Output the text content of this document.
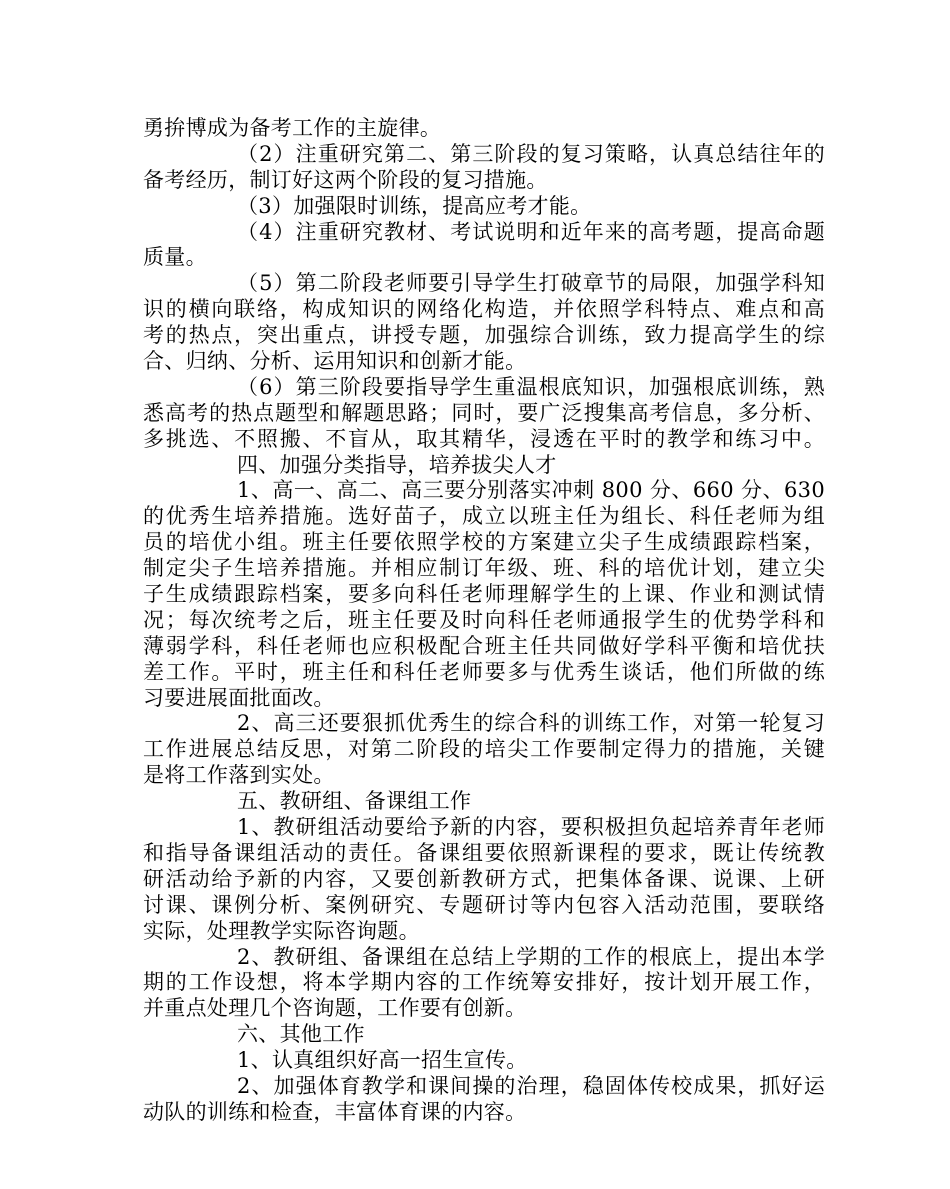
勇拚博成为备考工作的主旋律。
（2）注重研究第二、第三阶段的复习策略，认真总结往年的
备考经历，制订好这两个阶段的复习措施。
（3）加强限时训练，提高应考才能。
（4）注重研究教材、考试说明和近年来的高考题，提高命题
质量。
（5）第二阶段老师要引导学生打破章节的局限，加强学科知
识的横向联络，构成知识的网络化构造，并依照学科特点、难点和高
考的热点，突出重点，讲授专题，加强综合训练，致力提高学生的综
合、归纳、分析、运用知识和创新才能。
（6）第三阶段要指导学生重温根底知识，加强根底训练，熟
悉高考的热点题型和解题思路；同时，要广泛搜集高考信息，多分析、
多挑选、不照搬、不盲从，取其精华，浸透在平时的教学和练习中。
四、加强分类指导，培养拔尖人才
1、高一、高二、高三要分别落实冲刺 800 分、660 分、630
的优秀生培养措施。选好苗子，成立以班主任为组长、科任老师为组
员的培优小组。班主任要依照学校的方案建立尖子生成绩跟踪档案，
制定尖子生培养措施。并相应制订年级、班、科的培优计划，建立尖
子生成绩跟踪档案，要多向科任老师理解学生的上课、作业和测试情
况；每次统考之后，班主任要及时向科任老师通报学生的优势学科和
薄弱学科，科任老师也应积极配合班主任共同做好学科平衡和培优扶
差工作。平时，班主任和科任老师要多与优秀生谈话，他们所做的练
习要进展面批面改。
2、高三还要狠抓优秀生的综合科的训练工作，对第一轮复习
工作进展总结反思，对第二阶段的培尖工作要制定得力的措施，关键
是将工作落到实处。
五、教研组、备课组工作
1、教研组活动要给予新的内容，要积极担负起培养青年老师
和指导备课组活动的责任。备课组要依照新课程的要求，既让传统教
研活动给予新的内容，又要创新教研方式，把集体备课、说课、上研
讨课、课例分析、案例研究、专题研讨等内包容入活动范围，要联络
实际，处理教学实际咨询题。
2、教研组、备课组在总结上学期的工作的根底上，提出本学
期的工作设想，将本学期内容的工作统筹安排好，按计划开展工作，
并重点处理几个咨询题，工作要有创新。
六、其他工作
1、认真组织好高一招生宣传。
2、加强体育教学和课间操的治理，稳固体传校成果，抓好运
动队的训练和检查，丰富体育课的内容。
